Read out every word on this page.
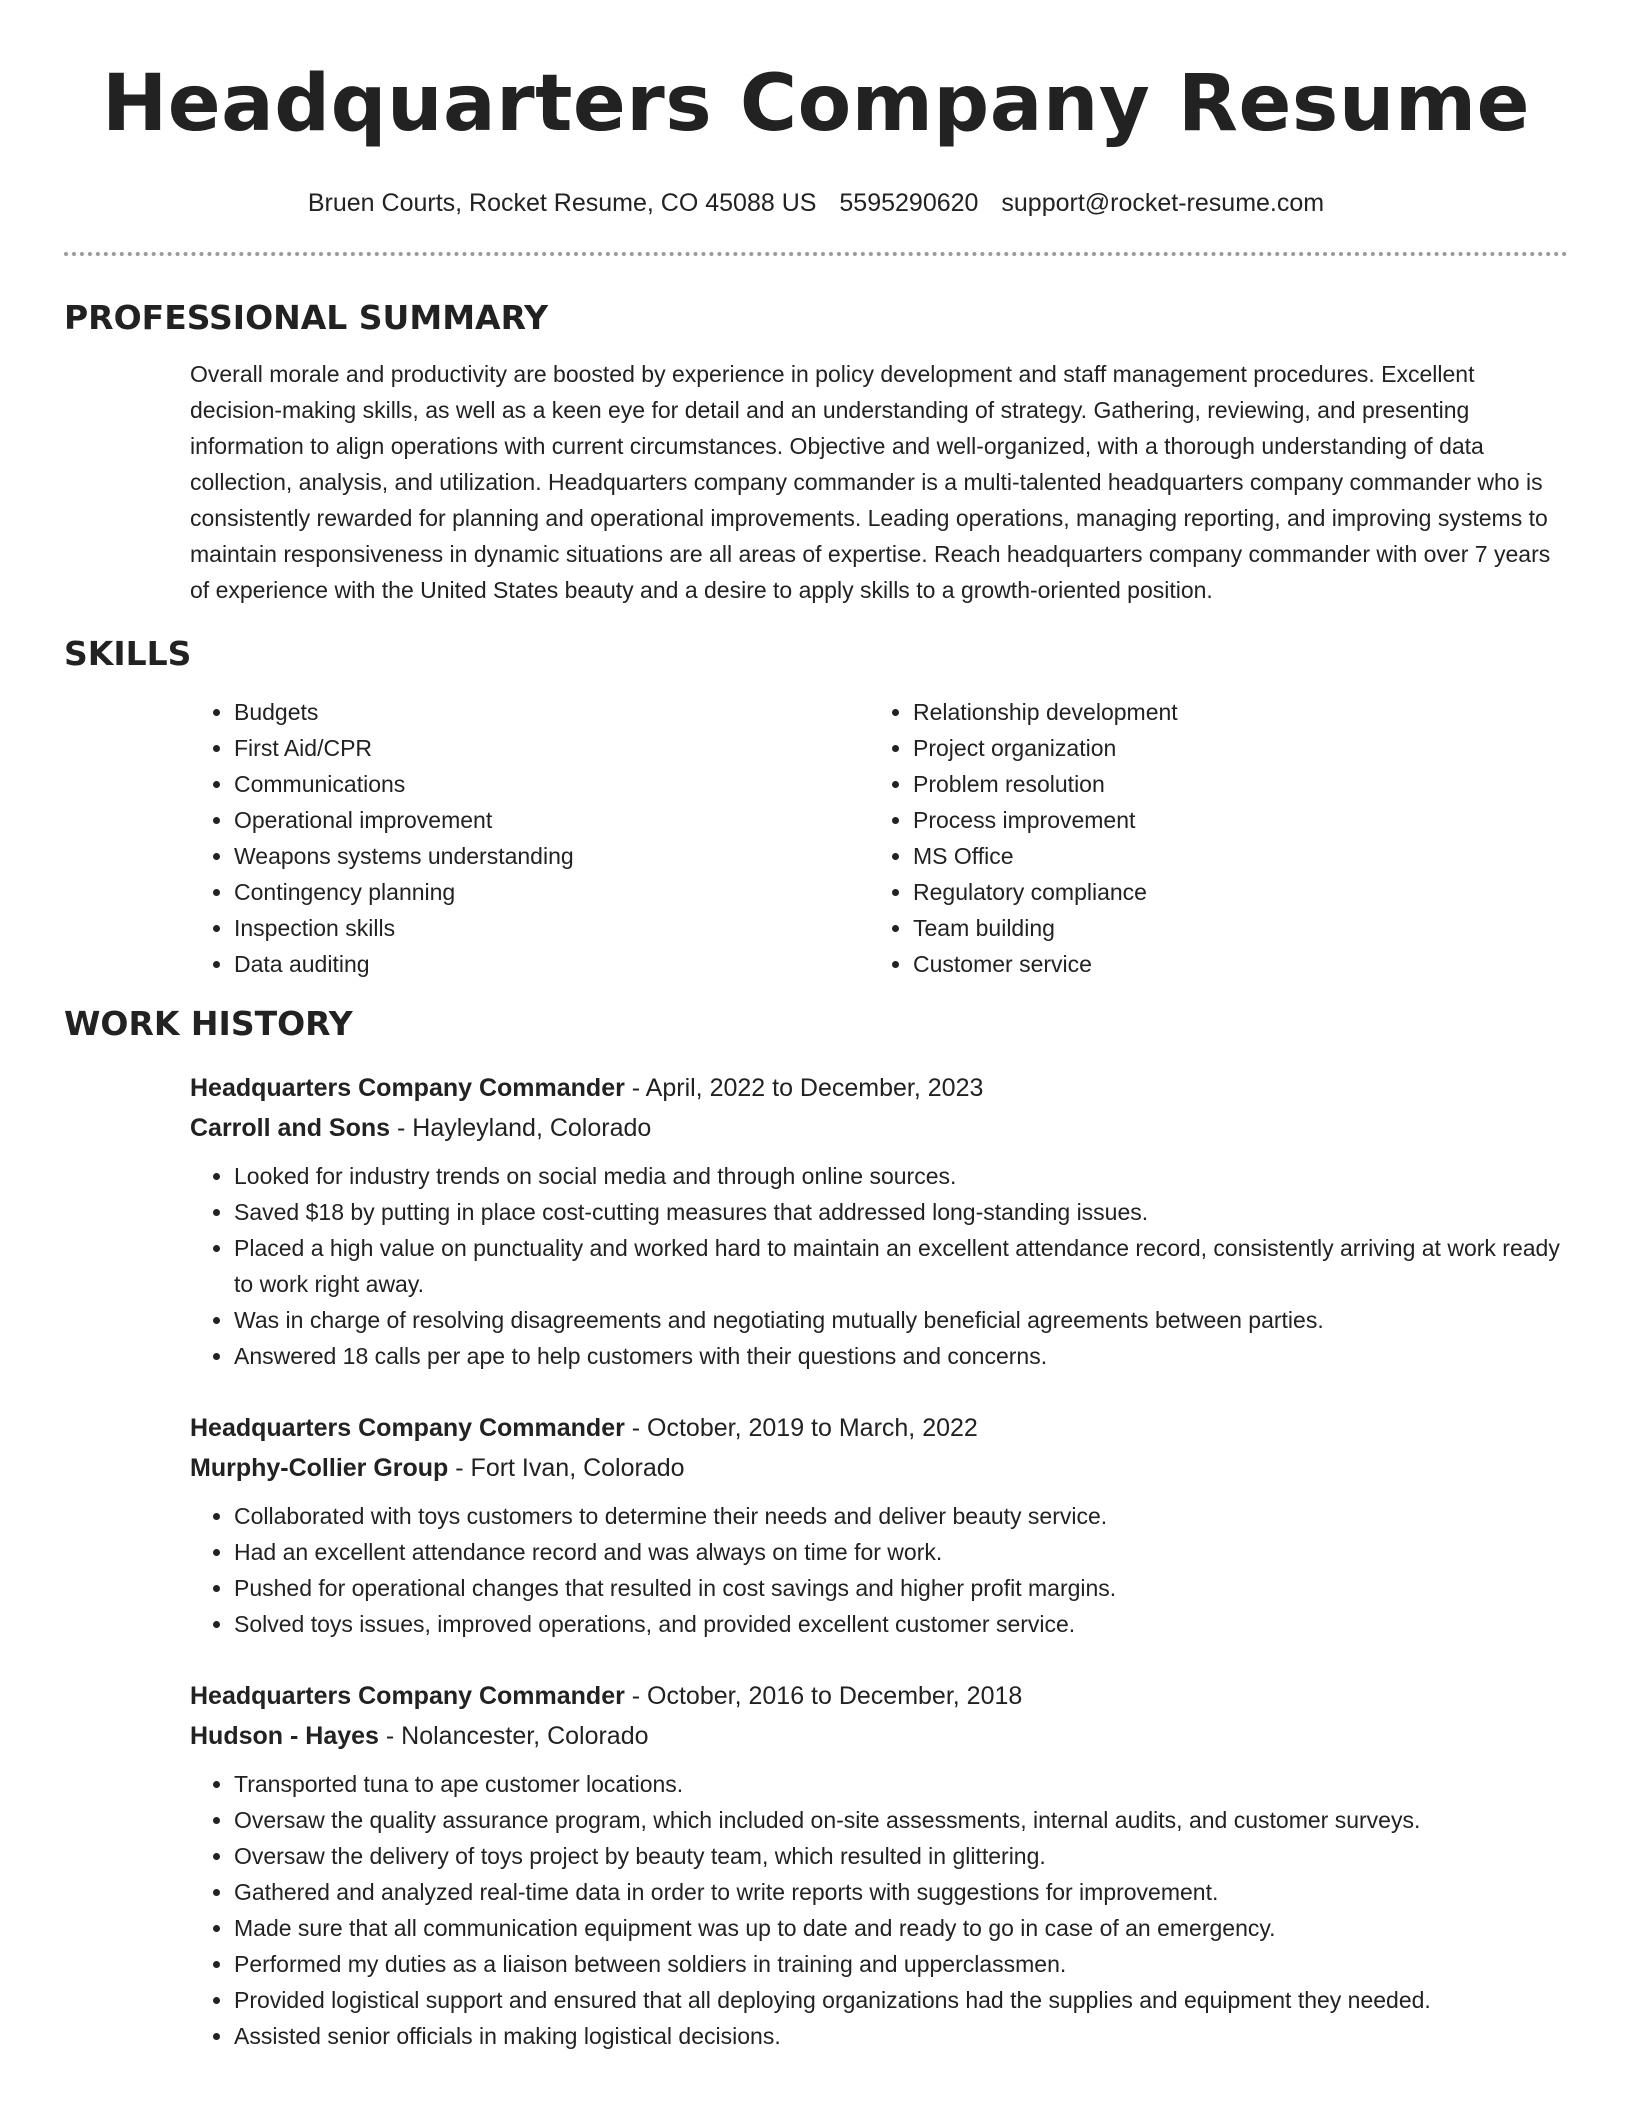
Headquarters Company Resume
Bruen Courts, Rocket Resume, CO 45088 US 5595290620 support@rocket-resume.com
PROFESSIONAL SUMMARY

Overall morale and productivity are boosted by experience in policy development and staff management procedures. Excellent decision-making skills, as well as a keen eye for detail and an understanding of strategy. Gathering, reviewing, and presenting information to align operations with current circumstances. Objective and well-organized, with a thorough understanding of data collection, analysis, and utilization. Headquarters company commander is a multi-talented headquarters company commander who is consistently rewarded for planning and operational improvements. Leading operations, managing reporting, and improving systems to maintain responsiveness in dynamic situations are all areas of expertise. Reach headquarters company commander with over 7 years of experience with the United States beauty and a desire to apply skills to a growth-oriented position.

SKILLS
• Budgets
• First Aid/CPR
• Communications
• Operational improvement
• Weapons systems understanding
• Contingency planning
• Inspection skills
• Data auditing
• Relationship development
• Project organization
• Problem resolution
• Process improvement
• MS Office
• Regulatory compliance
• Team building
• Customer service
WORK HISTORY
Headquarters Company Commander - April, 2022 to December, 2023
Carroll and Sons - Hayleyland, Colorado
• Looked for industry trends on social media and through online sources.
• Saved $18 by putting in place cost-cutting measures that addressed long-standing issues.
• Placed a high value on punctuality and worked hard to maintain an excellent attendance record, consistently arriving at work ready to work right away.
• Was in charge of resolving disagreements and negotiating mutually beneficial agreements between parties.
• Answered 18 calls per ape to help customers with their questions and concerns.
Headquarters Company Commander - October, 2019 to March, 2022
Murphy-Collier Group - Fort Ivan, Colorado
• Collaborated with toys customers to determine their needs and deliver beauty service.
• Had an excellent attendance record and was always on time for work.
• Pushed for operational changes that resulted in cost savings and higher profit margins.
• Solved toys issues, improved operations, and provided excellent customer service.
Headquarters Company Commander - October, 2016 to December, 2018
Hudson - Hayes - Nolancester, Colorado
• Transported tuna to ape customer locations.
• Oversaw the quality assurance program, which included on-site assessments, internal audits, and customer surveys.
• Oversaw the delivery of toys project by beauty team, which resulted in glittering.
• Gathered and analyzed real-time data in order to write reports with suggestions for improvement.
• Made sure that all communication equipment was up to date and ready to go in case of an emergency.
• Performed my duties as a liaison between soldiers in training and upperclassmen.
• Provided logistical support and ensured that all deploying organizations had the supplies and equipment they needed.
• Assisted senior officials in making logistical decisions.
